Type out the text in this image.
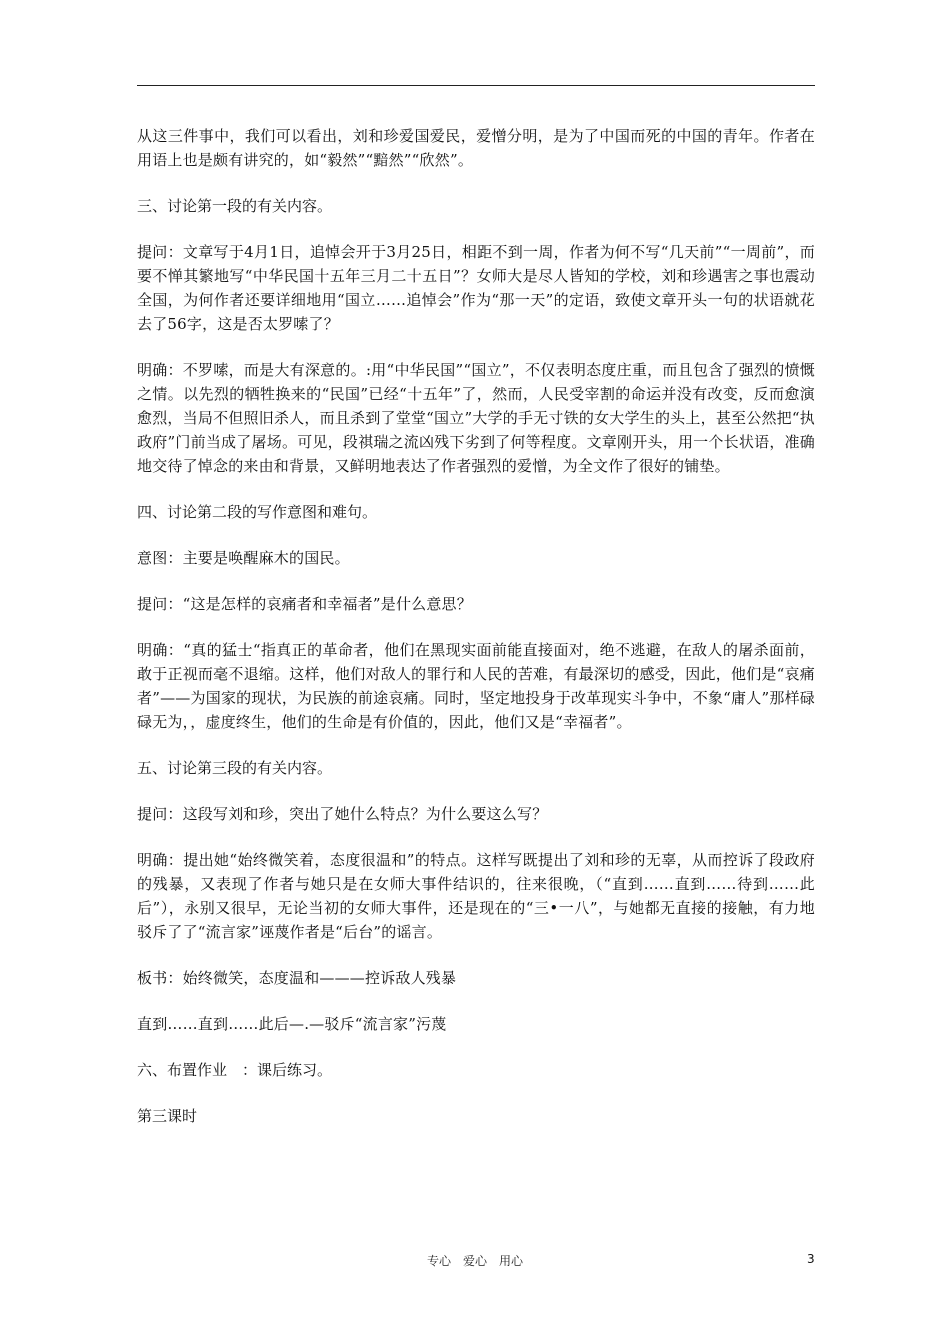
从这三件事中，我们可以看出，刘和珍爱国爱民，爱憎分明，是为了中国而死的中国的青年。作者在用语上也是颇有讲究的，如“毅然”“黯然”“欣然”。

三、讨论第一段的有关内容。

提问：文章写于4月1日，追悼会开于3月25日，相距不到一周，作者为何不写“几天前”“一周前”，而要不惮其繁地写“中华民国十五年三月二十五日”？女师大是尽人皆知的学校，刘和珍遇害之事也震动全国，为何作者还要详细地用“国立……追悼会”作为“那一天”的定语，致使文章开头一句的状语就花去了56字，这是否太罗嗦了？

明确：不罗嗦，而是大有深意的。:用“中华民国”“国立”，不仅表明态度庄重，而且包含了强烈的愤慨之情。以先烈的牺牲换来的“民国”已经“十五年”了，然而，人民受宰割的命运并没有改变，反而愈演愈烈，当局不但照旧杀人，而且杀到了堂堂“国立”大学的手无寸铁的女大学生的头上，甚至公然把“执政府”门前当成了屠场。可见，段祺瑞之流凶残下劣到了何等程度。文章刚开头，用一个长状语，准确地交待了悼念的来由和背景，又鲜明地表达了作者强烈的爱憎，为全文作了很好的铺垫。

四、讨论第二段的写作意图和难句。

意图：主要是唤醒麻木的国民。

提问：“这是怎样的哀痛者和幸福者”是什么意思？

明确：“真的猛士“指真正的革命者，他们在黑现实面前能直接面对，绝不逃避，在敌人的屠杀面前，敢于正视而毫不退缩。这样，他们对敌人的罪行和人民的苦难，有最深切的感受，因此，他们是“哀痛者”——为国家的现状，为民族的前途哀痛。同时，坚定地投身于改革现实斗争中，不象“庸人”那样碌碌无为，，虚度终生，他们的生命是有价值的，因此，他们又是“幸福者”。

五、讨论第三段的有关内容。

提问：这段写刘和珍，突出了她什么特点？为什么要这么写？

明确：提出她“始终微笑着，态度很温和”的特点。这样写既提出了刘和珍的无辜，从而控诉了段政府的残暴，又表现了作者与她只是在女师大事件结识的，往来很晚，（“直到……直到……待到……此后”），永别又很早，无论当初的女师大事件，还是现在的“三•一八”，与她都无直接的接触，有力地驳斥了了“流言家”诬蔑作者是“后台”的谣言。

板书：始终微笑，态度温和———控诉敌人残暴

直到……直到……此后—.—驳斥“流言家”污蔑

六、布置作业　：课后练习。

第三课时

专心　爱心　用心	3
